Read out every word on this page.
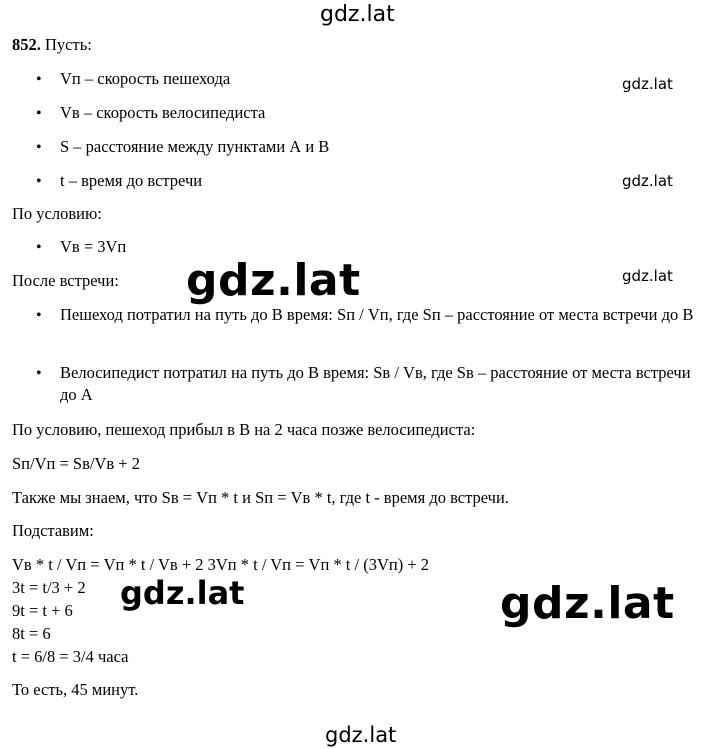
gdz.lat
gdz.lat
gdz.lat
gdz.lat
gdz.lat
852. Пусть:
• Vп – скорость пешехода
• Vв – скорость велосипедиста
• S – расстояние между пунктами А и В
• t – время до встречи
По условию:
• Vв = 3Vп
После встречи:
• Пешеход потратил на путь до В время: Sп / Vп, где Sп – расстояние от места встречи до В
• Велосипедист потратил на путь до В время: Sв / Vв, где Sв – расстояние от места встречи до А
gdz.lat
По условию, пешеход прибыл в В на 2 часа позже велосипедиста:
Sп/Vп = Sв/Vв + 2
Также мы знаем, что Sв = Vп * t и Sп = Vв * t, где t - время до встречи.
Подставим:
Vв * t / Vп = Vп * t / Vв + 2 3Vп * t / Vп = Vп * t / (3Vп) + 2
3t = t/3 + 2
9t = t + 6
8t = 6
t = 6/8 = 3/4 часа
То есть, 45 минут.
gdz.lat	gdz.lat
